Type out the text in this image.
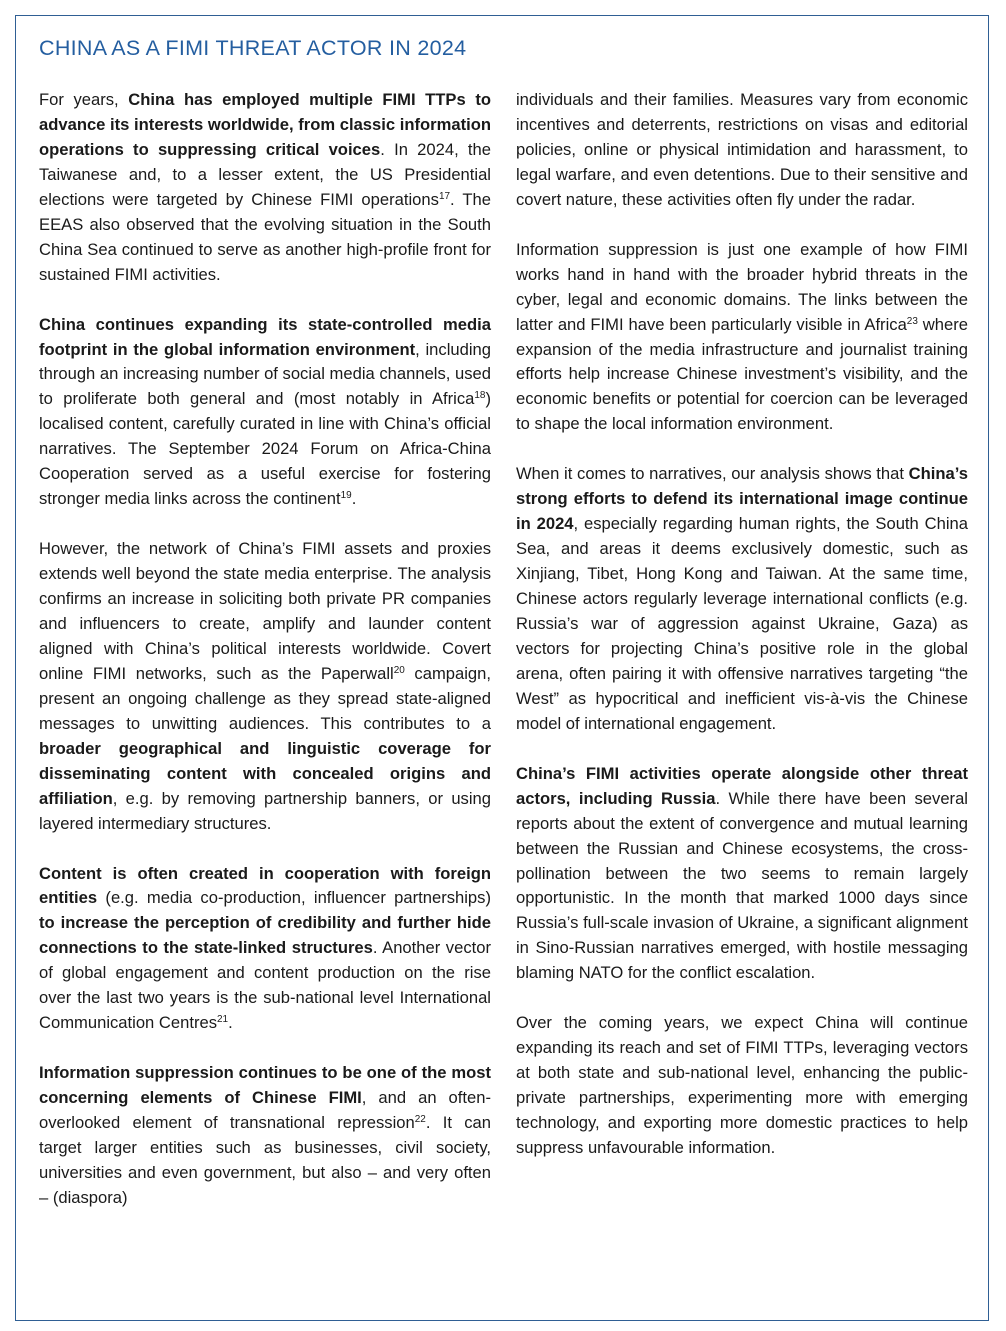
CHINA AS A FIMI THREAT ACTOR IN 2024

For years, China has employed multiple FIMI TTPs to advance its interests worldwide, from classic information operations to suppressing critical voices. In 2024, the Taiwanese and, to a lesser extent, the US Presidential elections were targeted by Chinese FIMI operations$^{17}$. The EEAS also observed that the evolving situation in the South China Sea continued to serve as another high-profile front for sustained FIMI activities.

China continues expanding its state-controlled media footprint in the global information environment, including through an increasing number of social media channels, used to proliferate both general and (most notably in Africa$^{18}$) localised content, carefully curated in line with China’s official narratives. The September 2024 Forum on Africa-China Cooperation served as a useful exercise for fostering stronger media links across the continent$^{19}$.

However, the network of China’s FIMI assets and proxies extends well beyond the state media enterprise. The analysis confirms an increase in soliciting both private PR companies and influencers to create, amplify and launder content aligned with China’s political interests worldwide. Covert online FIMI networks, such as the Paperwall$^{20}$ campaign, present an ongoing challenge as they spread state-aligned messages to unwitting audiences. This contributes to a broader geographical and linguistic coverage for disseminating content with concealed origins and affiliation, e.g. by removing partnership banners, or using layered intermediary structures.

Content is often created in cooperation with foreign entities (e.g. media co-production, influencer partnerships) to increase the perception of credibility and further hide connections to the state-linked structures. Another vector of global engagement and content production on the rise over the last two years is the sub-national level International Communication Centres$^{21}$.

Information suppression continues to be one of the most concerning elements of Chinese FIMI, and an often-overlooked element of transnational repression$^{22}$. It can target larger entities such as businesses, civil society, universities and even government, but also – and very often – (diaspora)

individuals and their families. Measures vary from economic incentives and deterrents, restrictions on visas and editorial policies, online or physical intimidation and harassment, to legal warfare, and even detentions. Due to their sensitive and covert nature, these activities often fly under the radar.

Information suppression is just one example of how FIMI works hand in hand with the broader hybrid threats in the cyber, legal and economic domains. The links between the latter and FIMI have been particularly visible in Africa$^{23}$ where expansion of the media infrastructure and journalist training efforts help increase Chinese investment’s visibility, and the economic benefits or potential for coercion can be leveraged to shape the local information environment.

When it comes to narratives, our analysis shows that China’s strong efforts to defend its international image continue in 2024, especially regarding human rights, the South China Sea, and areas it deems exclusively domestic, such as Xinjiang, Tibet, Hong Kong and Taiwan. At the same time, Chinese actors regularly leverage international conflicts (e.g. Russia’s war of aggression against Ukraine, Gaza) as vectors for projecting China’s positive role in the global arena, often pairing it with offensive narratives targeting “the West” as hypocritical and inefficient vis-à-vis the Chinese model of international engagement.

China’s FIMI activities operate alongside other threat actors, including Russia. While there have been several reports about the extent of convergence and mutual learning between the Russian and Chinese ecosystems, the cross-pollination between the two seems to remain largely opportunistic. In the month that marked 1000 days since Russia’s full-scale invasion of Ukraine, a significant alignment in Sino-Russian narratives emerged, with hostile messaging blaming NATO for the conflict escalation.

Over the coming years, we expect China will continue expanding its reach and set of FIMI TTPs, leveraging vectors at both state and sub-national level, enhancing the public-private partnerships, experimenting more with emerging technology, and exporting more domestic practices to help suppress unfavourable information.
